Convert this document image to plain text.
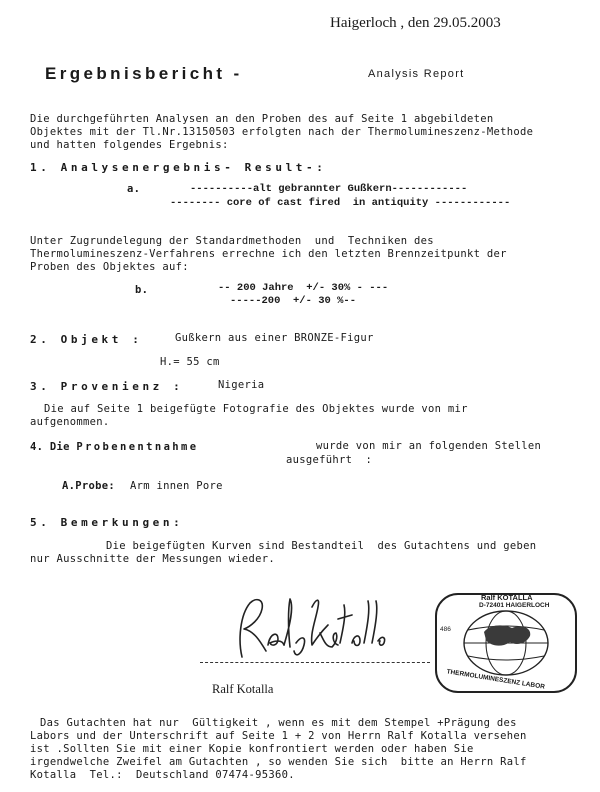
Haigerloch , den 29.05.2003
Ergebnisbericht -	Analysis Report
Die durchgeführten Analysen an den Proben des auf Seite 1 abgebildeten
Objektes mit der Tl.Nr.13150503 erfolgten nach der Thermolumineszenz-Methode
und hatten folgendes Ergebnis:
1. Analysenergebnis- Result-:
a.	----------alt gebrannter Gußkern------------
-------- core of cast fired  in antiquity ------------
Unter Zugrundelegung der Standardmethoden  und  Techniken des
Thermolumineszenz-Verfahrens errechne ich den letzten Brennzeitpunkt der
Proben des Objektes auf:
b.	-- 200 Jahre  +/- 30% - ---
-----200  +/- 30 %--
2. Objekt :	Gußkern aus einer BRONZE-Figur
H.= 55 cm
3. Provenienz :	Nigeria
Die auf Seite 1 beigefügte Fotografie des Objektes wurde von mir
aufgenommen.
4. Die Probenentnahme	wurde von mir an folgenden Stellen
ausgeführt  :
A.Probe: Arm innen Pore
5. Bemerkungen:
Die beigefügten Kurven sind Bestandteil  des Gutachtens und geben
nur Ausschnitte der Messungen wieder.
Ralf Kotalla

Ralf KOTALLA

D-72401 HAIGERLOCH

486

THERMOLUMINESZENZ LABOR

Das Gutachten hat nur  Gültigkeit , wenn es mit dem Stempel +Prägung des
Labors und der Unterschrift auf Seite 1 + 2 von Herrn Ralf Kotalla versehen
ist .Sollten Sie mit einer Kopie konfrontiert werden oder haben Sie
irgendwelche Zweifel am Gutachten , so wenden Sie sich  bitte an Herrn Ralf
Kotalla  Tel.:  Deutschland 07474-95360.
